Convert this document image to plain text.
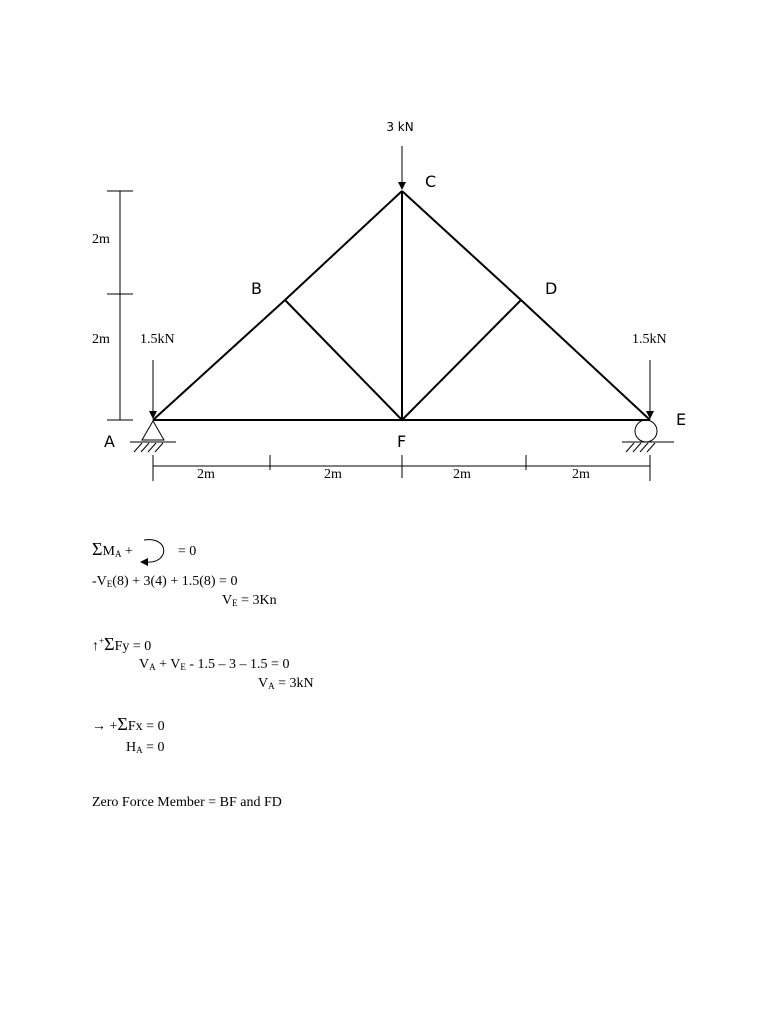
3 kN
1.5kN	1.5kN
A
B
C
D
E
F
2m
2m
2m	2m	2m	2m
$\Sigma M_A$ +	= 0
$-V_E(8) + 3(4) + 1.5(8) = 0$
$V_E = 3Kn$
↑+ΣFy = 0
$V_A + V_E - 1.5 - 3 - 1.5 = 0$
$V_A = 3kN$
→ +ΣFx = 0
$H_A = 0$
Zero Force Member = BF and FD
